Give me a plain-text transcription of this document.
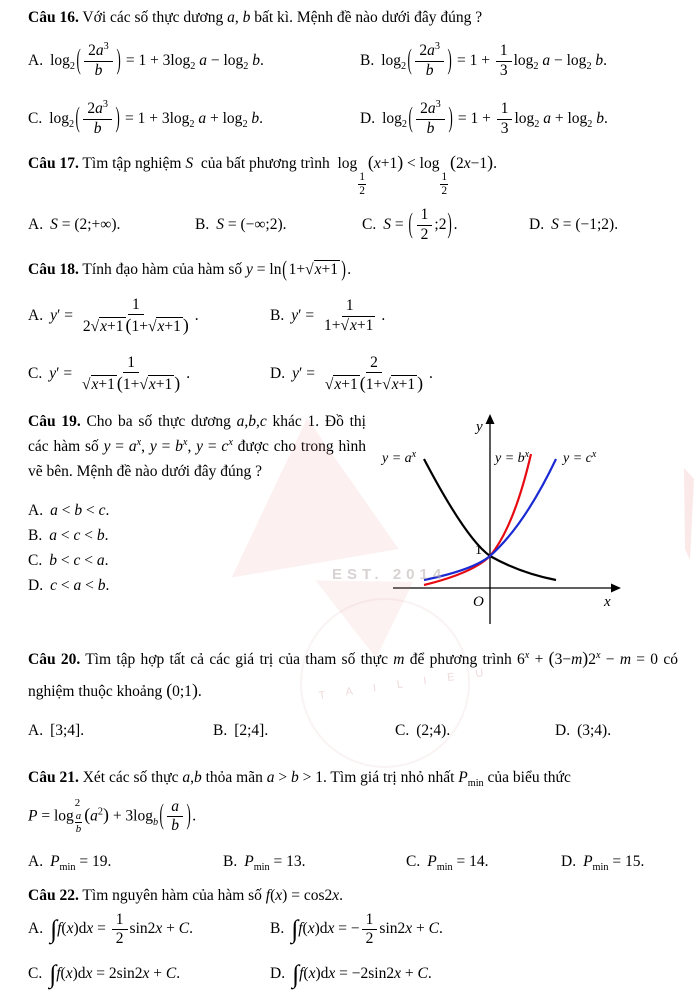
EST. 2014
T A I L I E U

Câu 16. Với các số thực dương a, b bất kì. Mệnh đề nào dưới đây đúng ?

A. $\log_2( \frac{2a^3}{b}$ ) = $1 + 3\log_2$ $a - \log_2 b$.	B. $\log_2( \frac{2a^3}{b}$ ) = $1 + \frac{1}{3} \log_2 a - \log_2 b$.
C. $\log_2( \frac{2a^3}{b}$ ) = $1 + 3\log_2$ $a + \log_2 b$.	D. $\log_2( \frac{2a^3}{b}$ ) = $1 + \frac{1}{3} \log_2 a + \log_2 b$.

Câu 17. Tìm tập nghiệm S  của bất phương trình  log
$\frac{1}{2}$
(x+1) < log
$\frac{1}{2}$
(2x−1).

A. S = (2;+∞).	B. S = (−∞;2).	C. S = ( $\frac{1}{2}$ ;2).	D. S = (−1;2).

Câu 18. Tính đạo hàm của hàm số y = ln(1+√x+1 ).

A. $y' = \frac{1}{2√x+1 (1+√x+1 )}$ .	B. $y' = \frac{1}{1+√x+1}$ .
C. $y' = \frac{1}{√x+1 (1+√x+1 )}$ .	D. $y' = \frac{2}{√x+1 (1+√x+1 )}$ .

Câu 19. Cho ba số thực dương a,b,c khác 1. Đồ thị các hàm số $y = a^x$, $y = b^x$, $y = c^x$ được cho trong hình vẽ bên. Mệnh đề nào dưới đây đúng ?

A. a < b < c.
B. a < c < b.
C. b < c < a.
D. c < a < b.
y
x
O
1
$y = a^x$	$y = b^x$ $y = c^x$

Câu 20. Tìm tập hợp tất cả các giá trị của tham số thực m để phương trình $6^x + (3-m)2^x - m = 0$ có nghiệm thuộc khoảng (0;1).

A. [3;4].	B. [2;4].	C. (2;4).	D. (3;4).

Câu 21. Xét các số thực a,b thỏa mãn a > b > 1. Tìm giá trị nhỏ nhất $P_{min}$ của biểu thức

P = log
2
$\frac{a}{b} (a^2) + 3\log_b( \frac{a}{b}$ ).
A. $P_{min} = 19$.	B. $P_{min} = 13$.	C. $P_{min} = 14$.	D. $P_{min} = 15$.

Câu 22. Tìm nguyên hàm của hàm số f(x) = cos2x.

A. $\int f(x)dx = \frac{1}{2} \sin 2x + C$.	B. ∫f(x)dx = − $\frac{1}{2} \sin 2x + C$.
C. ∫f(x)dx = 2sin2x + C.	D. ∫f(x)dx = −2sin2x + C.
